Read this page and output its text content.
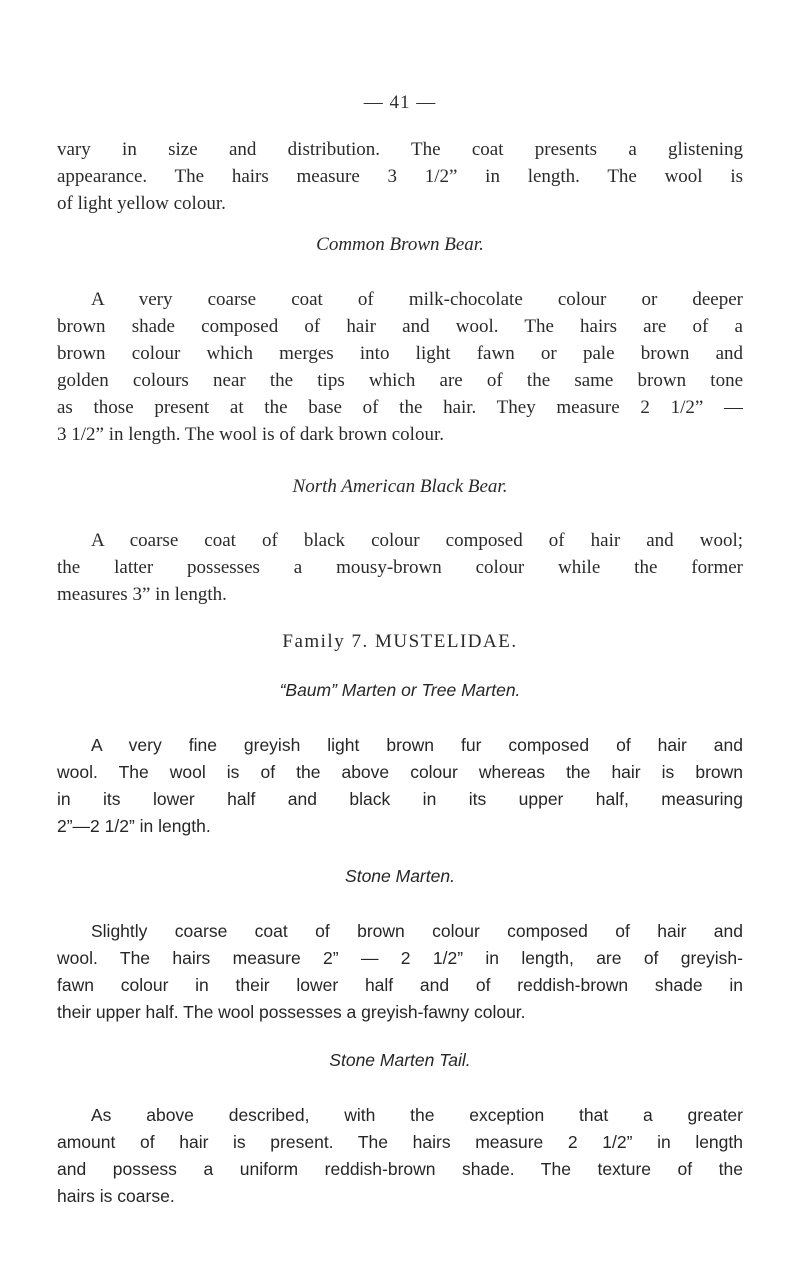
— 41 —
vary in size and distribution. The coat presents a glistening
appearance. The hairs measure 3 1/2” in length. The wool is
of light yellow colour.
Common Brown Bear.
A very coarse coat of milk-chocolate colour or deeper
brown shade composed of hair and wool. The hairs are of a
brown colour which merges into light fawn or pale brown and
golden colours near the tips which are of the same brown tone
as those present at the base of the hair. They measure 2 1/2” —
3 1/2” in length. The wool is of dark brown colour.
North American Black Bear.
A coarse coat of black colour composed of hair and wool;
the latter possesses a mousy-brown colour while the former
measures 3” in length.
Family 7. MUSTELIDAE.
“Baum” Marten or Tree Marten.
A very fine greyish light brown fur composed of hair and
wool. The wool is of the above colour whereas the hair is brown
in its lower half and black in its upper half, measuring
2”—2 1/2” in length.
Stone Marten.
Slightly coarse coat of brown colour composed of hair and
wool. The hairs measure 2” — 2 1/2” in length, are of greyish-
fawn colour in their lower half and of reddish-brown shade in
their upper half. The wool possesses a greyish-fawny colour.
Stone Marten Tail.
As above described, with the exception that a greater
amount of hair is present. The hairs measure 2 1/2” in length
and possess a uniform reddish-brown shade. The texture of the
hairs is coarse.
